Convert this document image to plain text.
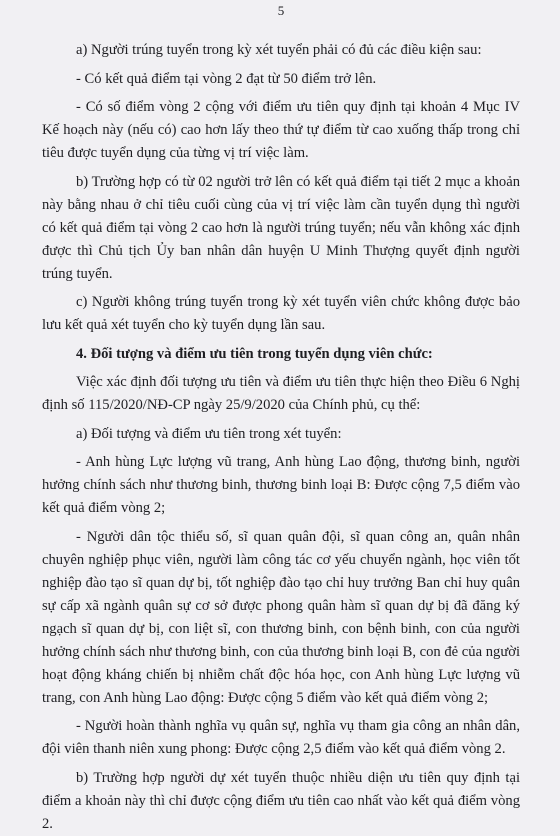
5

a) Người trúng tuyển trong kỳ xét tuyển phải có đủ các điều kiện sau:

- Có kết quả điểm tại vòng 2 đạt từ 50 điểm trở lên.

- Có số điểm vòng 2 cộng với điểm ưu tiên quy định tại khoản 4 Mục IV Kế hoạch này (nếu có) cao hơn lấy theo thứ tự điểm từ cao xuống thấp trong chỉ tiêu được tuyển dụng của từng vị trí việc làm.

b) Trường hợp có từ 02 người trở lên có kết quả điểm tại tiết 2 mục a khoản này bằng nhau ở chỉ tiêu cuối cùng của vị trí việc làm cần tuyển dụng thì người có kết quả điểm tại vòng 2 cao hơn là người trúng tuyển; nếu vẫn không xác định được thì Chủ tịch Ủy ban nhân dân huyện U Minh Thượng quyết định người trúng tuyển.

c) Người không trúng tuyển trong kỳ xét tuyển viên chức không được bảo lưu kết quả xét tuyển cho kỳ tuyển dụng lần sau.

4. Đối tượng và điểm ưu tiên trong tuyển dụng viên chức:

Việc xác định đối tượng ưu tiên và điểm ưu tiên thực hiện theo Điều 6 Nghị định số 115/2020/NĐ-CP ngày 25/9/2020 của Chính phủ, cụ thể:

a) Đối tượng và điểm ưu tiên trong xét tuyển:

- Anh hùng Lực lượng vũ trang, Anh hùng Lao động, thương binh, người hưởng chính sách như thương binh, thương binh loại B: Được cộng 7,5 điểm vào kết quả điểm vòng 2;

- Người dân tộc thiểu số, sĩ quan quân đội, sĩ quan công an, quân nhân chuyên nghiệp phục viên, người làm công tác cơ yếu chuyển ngành, học viên tốt nghiệp đào tạo sĩ quan dự bị, tốt nghiệp đào tạo chỉ huy trưởng Ban chỉ huy quân sự cấp xã ngành quân sự cơ sở được phong quân hàm sĩ quan dự bị đã đăng ký ngạch sĩ quan dự bị, con liệt sĩ, con thương binh, con bệnh binh, con của người hưởng chính sách như thương binh, con của thương binh loại B, con đẻ của người hoạt động kháng chiến bị nhiễm chất độc hóa học, con Anh hùng Lực lượng vũ trang, con Anh hùng Lao động: Được cộng 5 điểm vào kết quả điểm vòng 2;

- Người hoàn thành nghĩa vụ quân sự, nghĩa vụ tham gia công an nhân dân, đội viên thanh niên xung phong: Được cộng 2,5 điểm vào kết quả điểm vòng 2.

b) Trường hợp người dự xét tuyển thuộc nhiều diện ưu tiên quy định tại điểm a khoản này thì chỉ được cộng điểm ưu tiên cao nhất vào kết quả điểm vòng 2.
